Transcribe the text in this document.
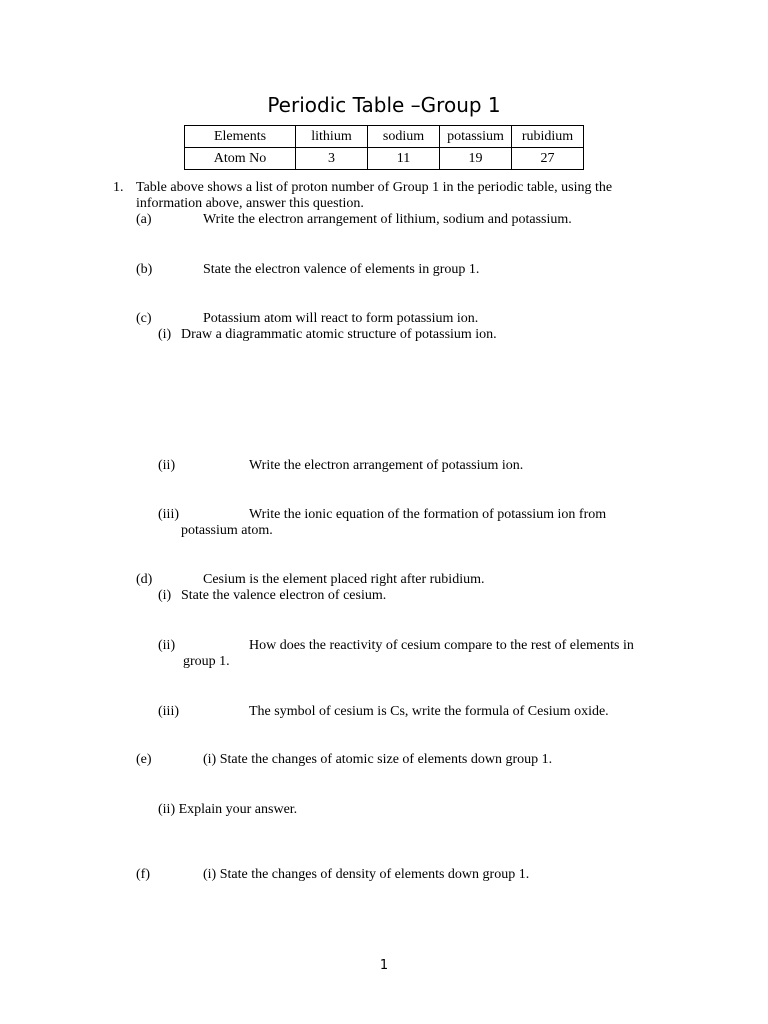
Periodic Table –Group 1
Elements	lithium	sodium	potassium	rubidium
Atom No	3	11	19	27
1. Table above shows a list of proton number of Group 1 in the periodic table, using the
information above, answer this question.
(a)	Write the electron arrangement of lithium, sodium and potassium.
(b)	State the electron valence of elements in group 1.
(c)	Potassium atom will react to form potassium ion.
(i) Draw a diagrammatic atomic structure of potassium ion.
(ii)	Write the electron arrangement of potassium ion.
(iii)	Write the ionic equation of the formation of potassium ion from
potassium atom.
(d)	Cesium is the element placed right after rubidium.
(i) State the valence electron of cesium.
(ii)	How does the reactivity of cesium compare to the rest of elements in
group 1.
(iii)	The symbol of cesium is Cs, write the formula of Cesium oxide.
(e)	(i) State the changes of atomic size of elements down group 1.
(ii) Explain your answer.
(f)	(i) State the changes of density of elements down group 1.
1
